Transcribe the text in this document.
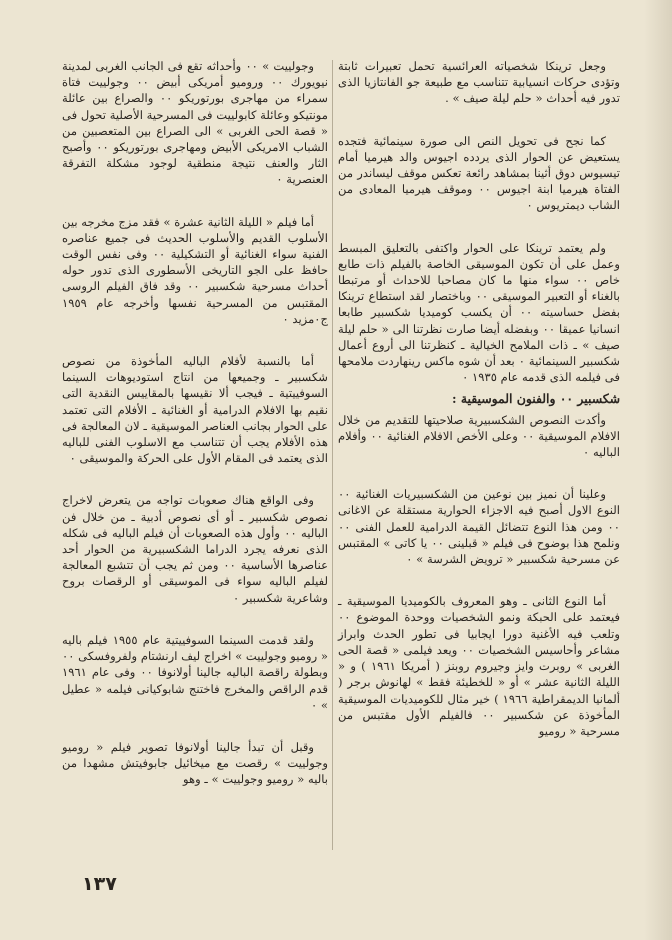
وجعل ترينكا شخصياته العرائسية تحمل تعبيرات ثابتة وتؤدى حركات انسيابية تتناسب مع طبيعة جو الفانتازيا الذى تدور فيه أحداث « حلم ليلة صيف » .

كما نجح فى تحويل النص الى صورة سينمائية فتجده يستعيض عن الحوار الذى يردده اجيوس والد هيرميا أمام تيسيوس دوق أثينا بمشاهد رائعة تعكس موقف ليساندر من الفتاة هيرميا ابنة اجيوس ٠٠ وموقف هيرميا المعادى من الشاب ديمتريوس ٠

ولم يعتمد ترينكا على الحوار واكتفى بالتعليق المبسط وعمل على أن تكون الموسيقى الخاصة بالفيلم ذات طابع خاص ٠٠ سواء منها ما كان مصاحبا للاحداث أو مرتبطا بالغناء أو التعبير الموسيقى ٠٠ وباختصار لقد استطاع ترينكا بفضل حساسيته ٠٠ أن يكسب كوميديا شكسبير طابعا انسانيا عميقا ٠٠ وبفضله أيضا صارت نظرتنا الى « حلم ليلة صيف » ـ ذات الملامح الخيالية ـ كنظرتنا الى أروع أعمال شكسبير السينمائية ٠ بعد أن شوه ماكس رينهاردت ملامحها فى فيلمه الذى قدمه عام ١٩٣٥ ٠

شكسبير ٠٠ والفنون الموسيقية :

وأكدت النصوص الشكسبيرية صلاحيتها للتقديم من خلال الافلام الموسيقية ٠٠ وعلى الأخص الافلام الغنائية ٠٠ وأفلام الباليه ٠

وعلينا أن نميز بين نوعين من الشكسبيريات الغنائية ٠٠ النوع الاول أصبح فيه الاجزاء الحوارية مستقلة عن الاغانى ٠٠ ومن هذا النوع تتضائل القيمة الدرامية للعمل الفنى ٠٠ ونلمح هذا بوضوح فى فيلم « قبلينى ٠٠ يا كاتى » المقتبس عن مسرحية شكسبير « ترويض الشرسة » ٠

أما النوع الثانى ـ وهو المعروف بالكوميديا الموسيقية ـ فيعتمد على الحبكة ونمو الشخصيات ووحدة الموضوع ٠٠ وتلعب فيه الأغنية دورا ايجابيا فى تطور الحدث وابراز مشاعر وأحاسيس الشخصيات ٠٠ ويعد فيلمى « قصة الحى الغربى » روبرت وايز وجيروم روبنز ( أمريكا ١٩٦١ ) و « الليلة الثانية عشر » أو « للخطيئة فقط » لهانوش برجر ( ألمانيا الديمقراطية ١٩٦٦ ) خير مثال للكوميديات الموسيقية المأخوذة عن شكسبير ٠٠ فالفيلم الأول مقتبس من مسرحية « روميو

وجولييت » ٠٠ وأحداثه تقع فى الجانب الغربى لمدينة نيويورك ٠٠ وروميو أمريكى أبيض ٠٠ وجولييت فتاة سمراء من مهاجرى بورتوريكو ٠٠ والصراع بين عائلة مونتيكو وعائلة كابولييت فى المسرحية الأصلية تحول فى « قصة الحى الغربى » الى الصراع بين المتعصبين من الشباب الامريكى الأبيض ومهاجرى بورتوريكو ٠٠ وأصبح الثار والعنف نتيجة منطقية لوجود مشكلة التفرقة العنصرية ٠

أما فيلم « الليلة الثانية عشرة » فقد مزج مخرجه بين الأسلوب القديم والأسلوب الحديث فى جميع عناصره الفنية سواء الغنائية أو التشكيلية ٠٠ وفى نفس الوقت حافظ على الجو التاريخى الأسطورى الذى تدور حوله أحداث مسرحية شكسبير ٠٠ وقد فاق الفيلم الروسى المقتبس من المسرحية نفسها وأخرجه عام ١٩٥٩ ج٠مزيد ٠

أما بالنسبة لأفلام الباليه المأخوذة من نصوص شكسبير ـ وجميعها من انتاج استوديوهات السينما السوفييتية ـ فيجب ألا نقيسها بالمقاييس النقدية التى نقيم بها الافلام الدرامية أو الغنائية ـ الأفلام التى تعتمد على الحوار بجانب العناصر الموسيقية ـ لان المعالجة فى هذه الأفلام يجب أن تتناسب مع الاسلوب الفنى للباليه الذى يعتمد فى المقام الأول على الحركة والموسيقى ٠

وفى الواقع هناك صعوبات تواجه من يتعرض لاخراج نصوص شكسبير ـ أو أى نصوص أدبية ـ من خلال فن الباليه ٠٠ وأول هذه الصعوبات أن فيلم الباليه فى شكله الذى نعرفه يجرد الدراما الشكسبيرية من الحوار أحد عناصرها الأساسية ٠٠ ومن ثم يجب أن تتشبع المعالجة لفيلم الباليه سواء فى الموسيقى أو الرقصات بروح وشاعرية شكسبير ٠

ولقد قدمت السينما السوفييتية عام ١٩٥٥ فيلم باليه « روميو وجولييت » اخراج ليف ارنشتام ولفروفسكى ٠٠ وبطولة راقصة الباليه جالينا أولانوفا ٠٠ وفى عام ١٩٦١ قدم الراقص والمخرج فاختنج شابوكيانى فيلمه « عطيل » ٠

وقبل أن تبدأ جالينا أولانوفا تصوير فيلم « روميو وجولييت » رقصت مع ميخائيل جابوفيتش مشهدا من باليه « روميو وجولييت » ـ وهو

١٣٧
